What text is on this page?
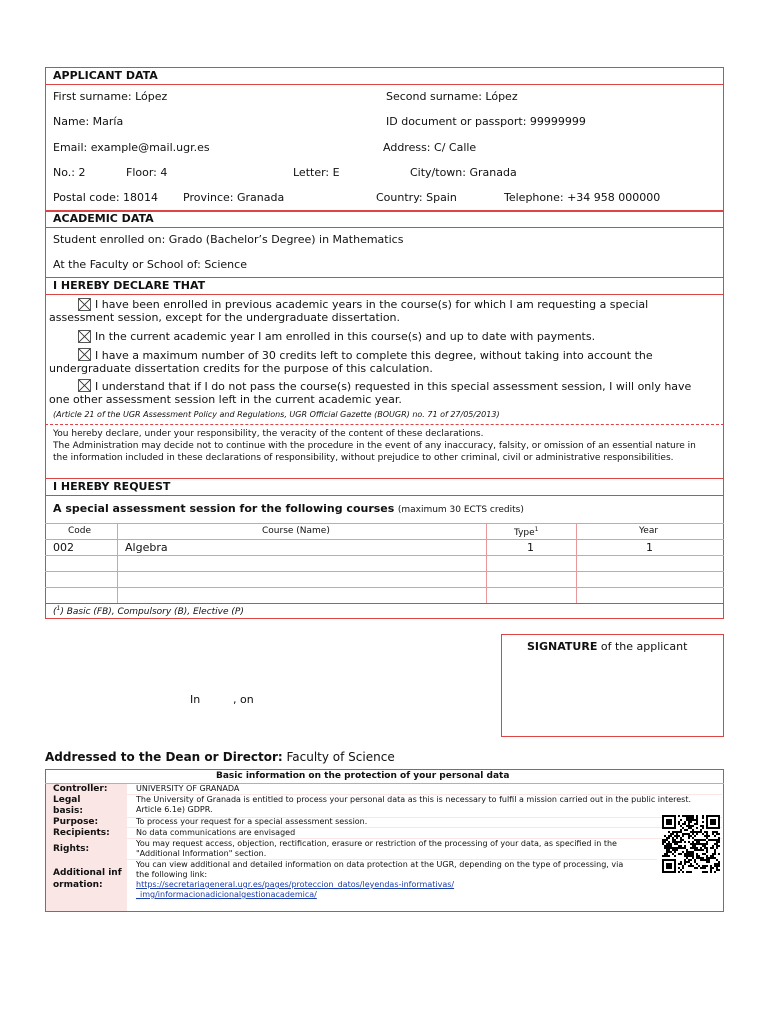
APPLICANT DATA
First surname: López	Second surname: López
Name: María	ID document or passport: 99999999
Email: example@mail.ugr.es	Address: C/ Calle
No.: 2	Floor: 4	Letter: E	City/town: Granada
Postal code: 18014 Province: Granada	Country: Spain	Telephone: +34 958 000000
ACADEMIC DATA
Student enrolled on: Grado (Bachelor’s Degree) in Mathematics
At the Faculty or School of: Science
I HEREBY DECLARE THAT
I have been enrolled in previous academic years in the course(s) for which I am requesting a special assessment session, except for the undergraduate dissertation.
In the current academic year I am enrolled in this course(s) and up to date with payments.
I have a maximum number of 30 credits left to complete this degree, without taking into account the undergraduate dissertation credits for the purpose of this calculation.
I understand that if I do not pass the course(s) requested in this special assessment session, I will only have one other assessment session left in the current academic year.
(Article 21 of the UGR Assessment Policy and Regulations, UGR Official Gazette (BOUGR) no. 71 of 27/05/2013)
You hereby declare, under your responsibility, the veracity of the content of these declarations.
The Administration may decide not to continue with the procedure in the event of any inaccuracy, falsity, or omission of an essential nature in the information included in these declarations of responsibility, without prejudice to other criminal, civil or administrative responsibilities.
I HEREBY REQUEST
A special assessment session for the following courses (maximum 30 ECTS credits)
Code	Course (Name)	Type$^1$	Year
002	Algebra	1	1
($^1$) Basic (FB), Compulsory (B), Elective (P)
SIGNATURE of the applicant
In	, on
Addressed to the Dean or Director: Faculty of Science
Basic information on the protection of your personal data
Controller:	UNIVERSITY OF GRANADA
Legal basis:
The University of Granada is entitled to process your personal data as this is necessary to fulfil a mission carried out in the public interest. Article 6.1e) GDPR.
Purpose:	To process your request for a special assessment session.
Recipients:	No data communications are envisaged
Rights:
You may request access, objection, rectification, erasure or restriction of the processing of your data, as specified in the "Additional Information" section.
Additional information:
You can view additional and detailed information on data protection at the UGR, depending on the type of processing, via the following link:
https://secretariageneral.ugr.es/pages/proteccion_datos/leyendas-informativas/_img/informacionadicionalgestionacademica/
